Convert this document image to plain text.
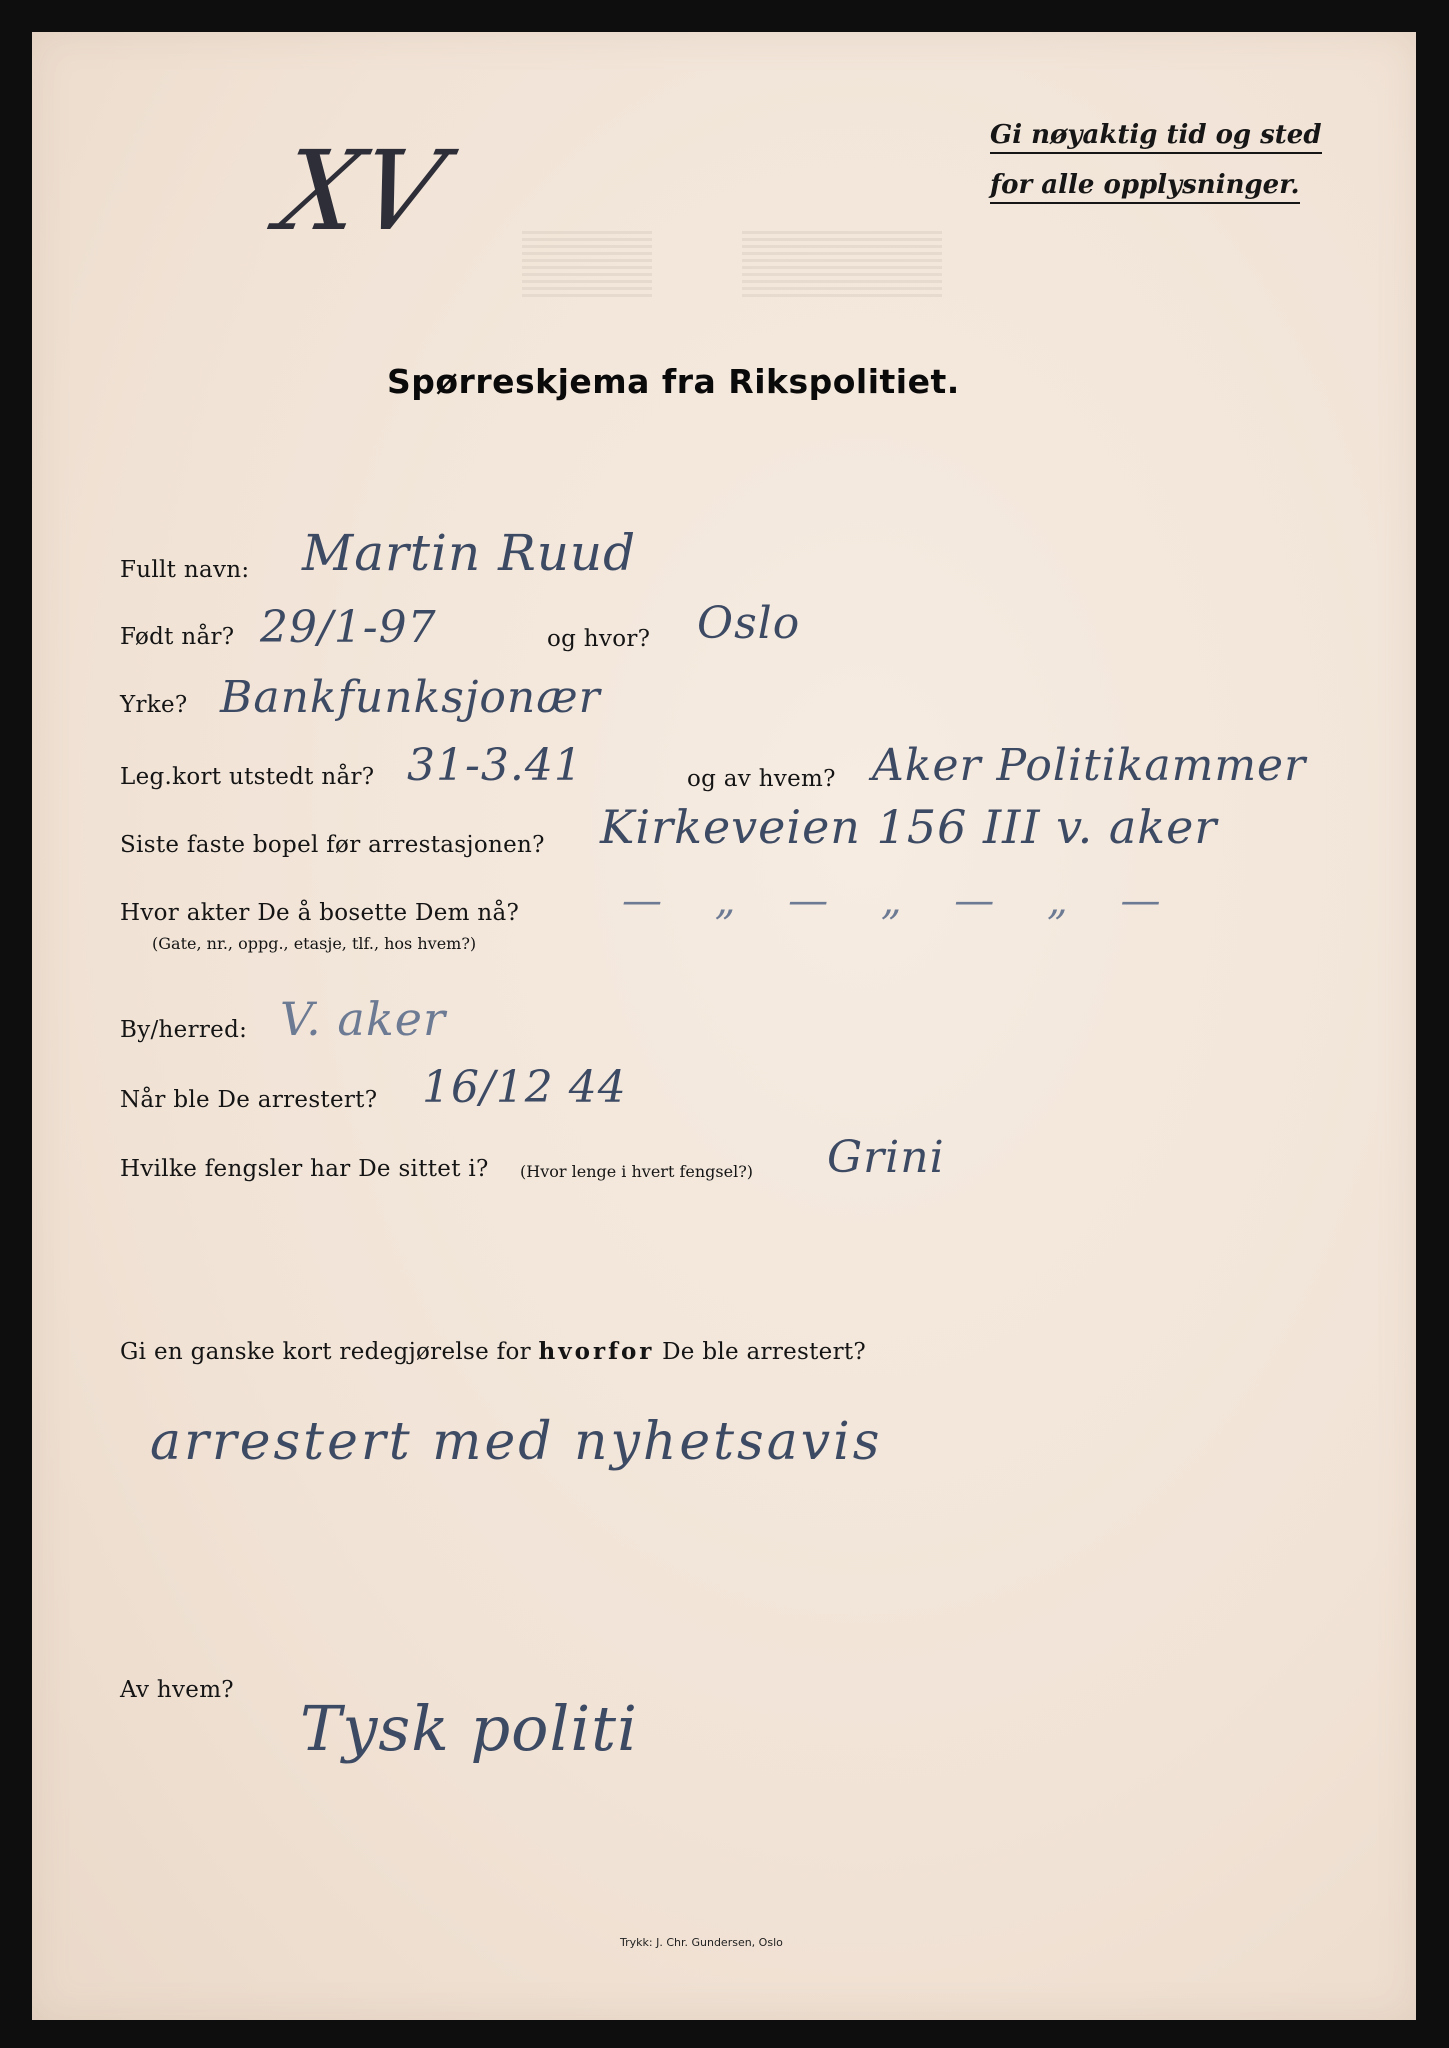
Gi nøyaktig tid og sted
for alle opplysninger.
XV
Spørreskjema fra Rikspolitiet.
Fullt navn: Martin Ruud
Født når? 29/1-97	og hvor? Oslo
Yrke? Bankfunksjonær
Leg.kort utstedt når? 31-3.41	og av hvem? Aker Politikammer
Siste faste bopel før arrestasjonen? Kirkeveien 156 III v. aker
Hvor akter De å bosette Dem nå?
(Gate, nr., oppg., etasje, tlf., hos hvem?)
— „ — „ — „ —
By/herred: V. aker
Når ble De arrestert? 16/12 44
Hvilke fengsler har De sittet i? (Hvor lenge i hvert fengsel?) Grini
Gi en ganske kort redegjørelse for hvorfor De ble arrestert?
arrestert med nyhetsavis
Av hvem?
Tysk politi
Trykk: J. Chr. Gundersen, Oslo
